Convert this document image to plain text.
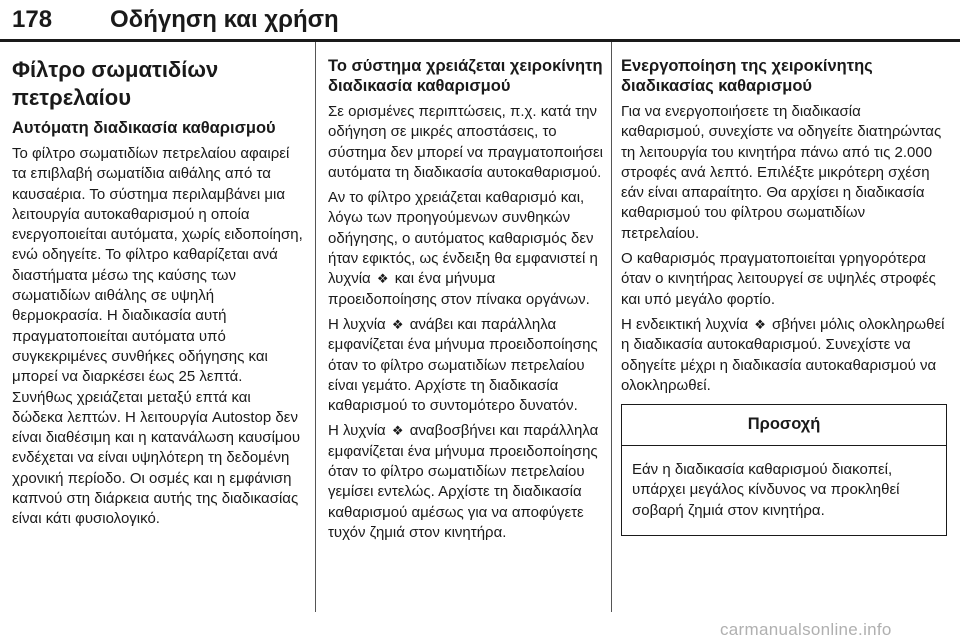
178 Οδήγηση και χρήση
Φίλτρο σωματιδίων πετρελαίου
Αυτόματη διαδικασία καθαρισμού

Το φίλτρο σωματιδίων πετρελαίου αφαιρεί τα επιβλαβή σωματίδια αιθάλης από τα καυσαέρια. Το σύστημα περιλαμβάνει μια λειτουργία αυτοκαθαρισμού η οποία ενεργοποιείται αυτόματα, χωρίς ειδοποίηση, ενώ οδηγείτε. Το φίλτρο καθαρίζεται ανά διαστήματα μέσω της καύσης των σωματιδίων αιθάλης σε υψηλή θερμοκρασία. Η διαδικασία αυτή πραγματοποιείται αυτόματα υπό συγκεκριμένες συνθήκες οδήγησης και μπορεί να διαρκέσει έως 25 λεπτά. Συνήθως χρειάζεται μεταξύ επτά και δώδεκα λεπτών. Η λειτουργία Autostop δεν είναι διαθέσιμη και η κατανάλωση καυσίμου ενδέχεται να είναι υψηλότερη τη δεδομένη χρονική περίοδο. Οι οσμές και η εμφάνιση καπνού στη διάρκεια αυτής της διαδικασίας είναι κάτι φυσιολογικό.

Το σύστημα χρειάζεται χειροκίνητη διαδικασία καθαρισμού

Σε ορισμένες περιπτώσεις, π.χ. κατά την οδήγηση σε μικρές αποστάσεις, το σύστημα δεν μπορεί να πραγματοποιήσει αυτόματα τη διαδικασία αυτοκαθαρισμού.

Αν το φίλτρο χρειάζεται καθαρισμό και, λόγω των προηγούμενων συνθηκών οδήγησης, ο αυτόματος καθαρισμός δεν ήταν εφικτός, ως ένδειξη θα εμφανιστεί η λυχνία ❖ και ένα μήνυμα προειδοποίησης στον πίνακα οργάνων.

Η λυχνία ❖ ανάβει και παράλληλα εμφανίζεται ένα μήνυμα προειδοποίησης όταν το φίλτρο σωματιδίων πετρελαίου είναι γεμάτο. Αρχίστε τη διαδικασία καθαρισμού το συντομότερο δυνατόν.

Η λυχνία ❖ αναβοσβήνει και παράλληλα εμφανίζεται ένα μήνυμα προειδοποίησης όταν το φίλτρο σωματιδίων πετρελαίου γεμίσει εντελώς. Αρχίστε τη διαδικασία καθαρισμού αμέσως για να αποφύγετε τυχόν ζημιά στον κινητήρα.

Ενεργοποίηση της χειροκίνητης διαδικασίας καθαρισμού

Για να ενεργοποιήσετε τη διαδικασία καθαρισμού, συνεχίστε να οδηγείτε διατηρώντας τη λειτουργία του κινητήρα πάνω από τις 2.000 στροφές ανά λεπτό. Επιλέξτε μικρότερη σχέση εάν είναι απαραίτητο. Θα αρχίσει η διαδικασία καθαρισμού του φίλτρου σωματιδίων πετρελαίου.

Ο καθαρισμός πραγματοποιείται γρηγορότερα όταν ο κινητήρας λειτουργεί σε υψηλές στροφές και υπό μεγάλο φορτίο.

Η ενδεικτική λυχνία ❖ σβήνει μόλις ολοκληρωθεί η διαδικασία αυτοκαθαρισμού. Συνεχίστε να οδηγείτε μέχρι η διαδικασία αυτοκαθαρισμού να ολοκληρωθεί.

Προσοχή
Εάν η διαδικασία καθαρισμού διακοπεί, υπάρχει μεγάλος κίνδυνος να προκληθεί σοβαρή ζημιά στον κινητήρα.
carmanualsonline.info
